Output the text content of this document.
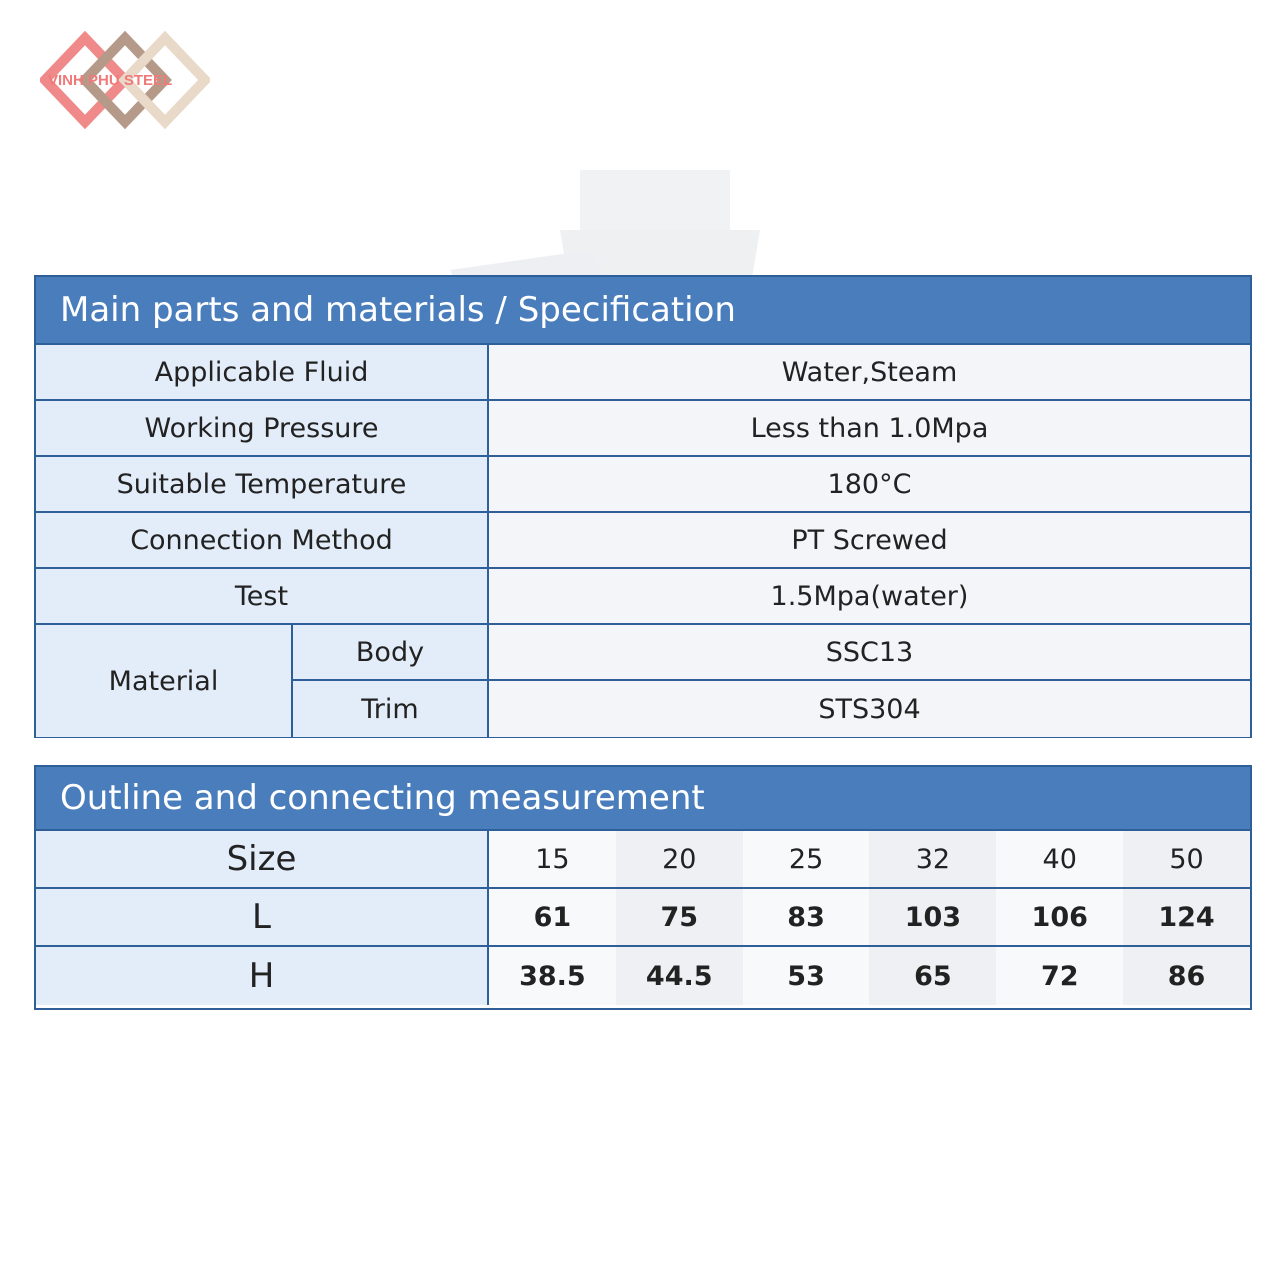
VINH PHU STEEL
Main parts and materials / Specification
Applicable Fluid	Water,Steam
Working Pressure	Less than 1.0Mpa
Suitable Temperature	180°C
Connection Method	PT Screwed
Test	1.5Mpa(water)
Material
Body	SSC13
Trim	STS304
Outline and connecting measurement
Size	15	20	25	32	40	50
L	61	75	83	103	106	124
H	38.5	44.5	53	65	72	86
